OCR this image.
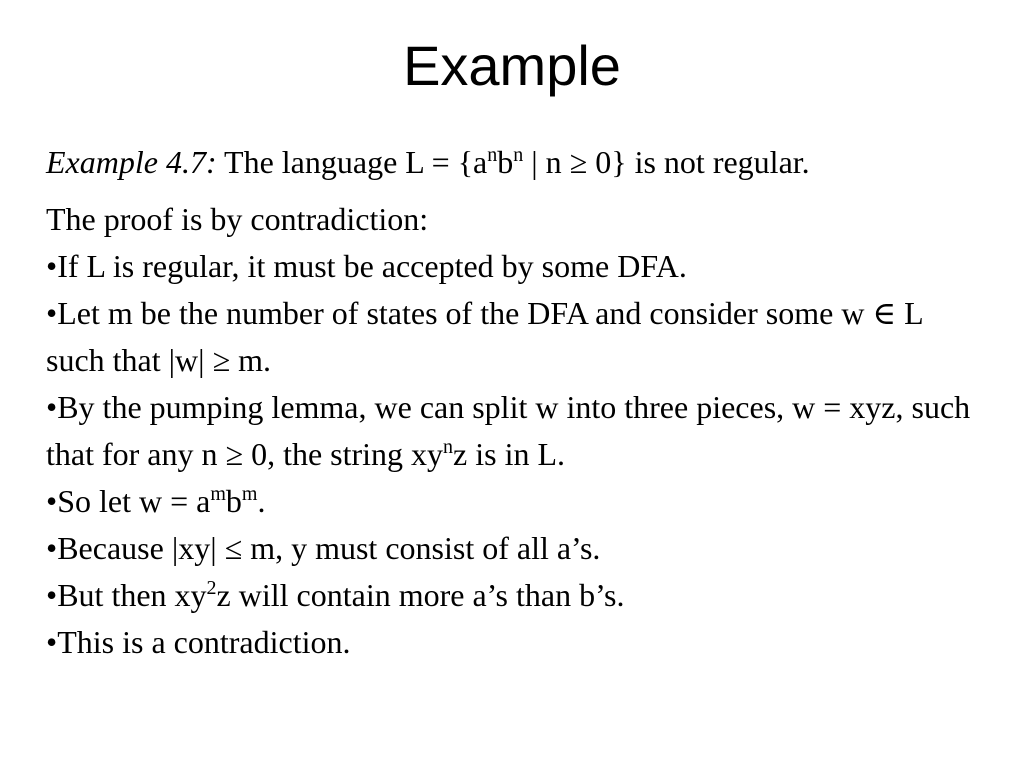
Example

Example 4.7: The language $L = \{a^nb^n$ | n ≥ 0} is not regular.

The proof is by contradiction:

• If L is regular, it must be accepted by some DFA.

• Let m be the number of states of the DFA and consider some w ∈ L such that |w| ≥ m.

• By the pumping lemma, we can split w into three pieces, w = xyz, such that for any n ≥ 0, the string $xy^nz$ is in L.

• So let $w = a^mb^m$.

• Because |xy| ≤ m, y must consist of all a’s.

• But then $xy^2z$ will contain more a’s than b’s.

• This is a contradiction.
